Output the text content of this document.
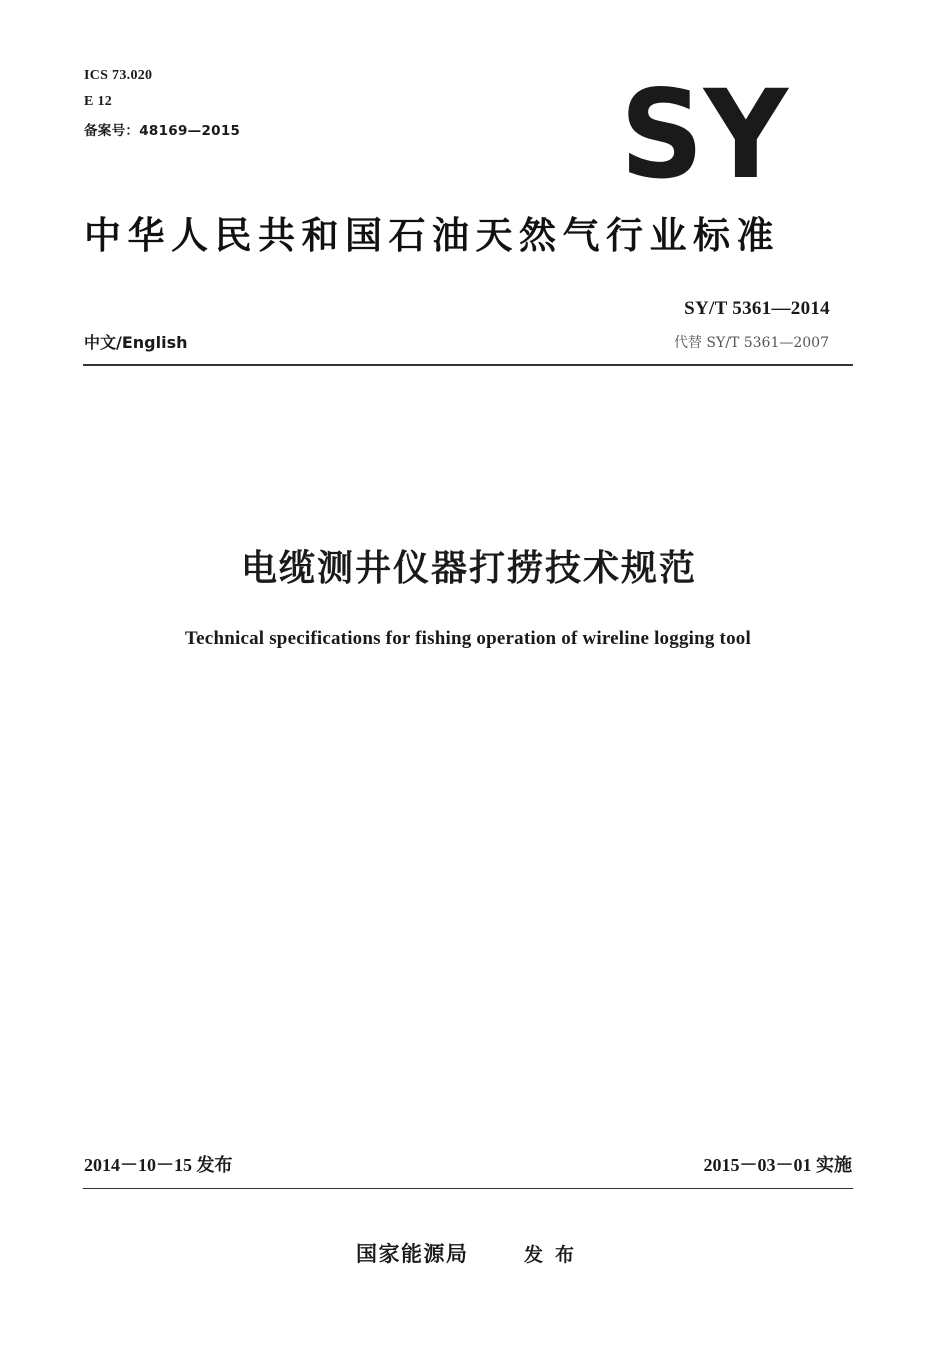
ICS 73.020
E 12
备案号：48169—2015	SY
中华人民共和国石油天然气行业标准
SY/T 5361—2014
中文/English	代替 SY/T 5361—2007
电缆测井仪器打捞技术规范
Technical specifications for fishing operation of wireline logging tool
2014－10－15 发布	2015－03－01 实施
国家能源局	发布
